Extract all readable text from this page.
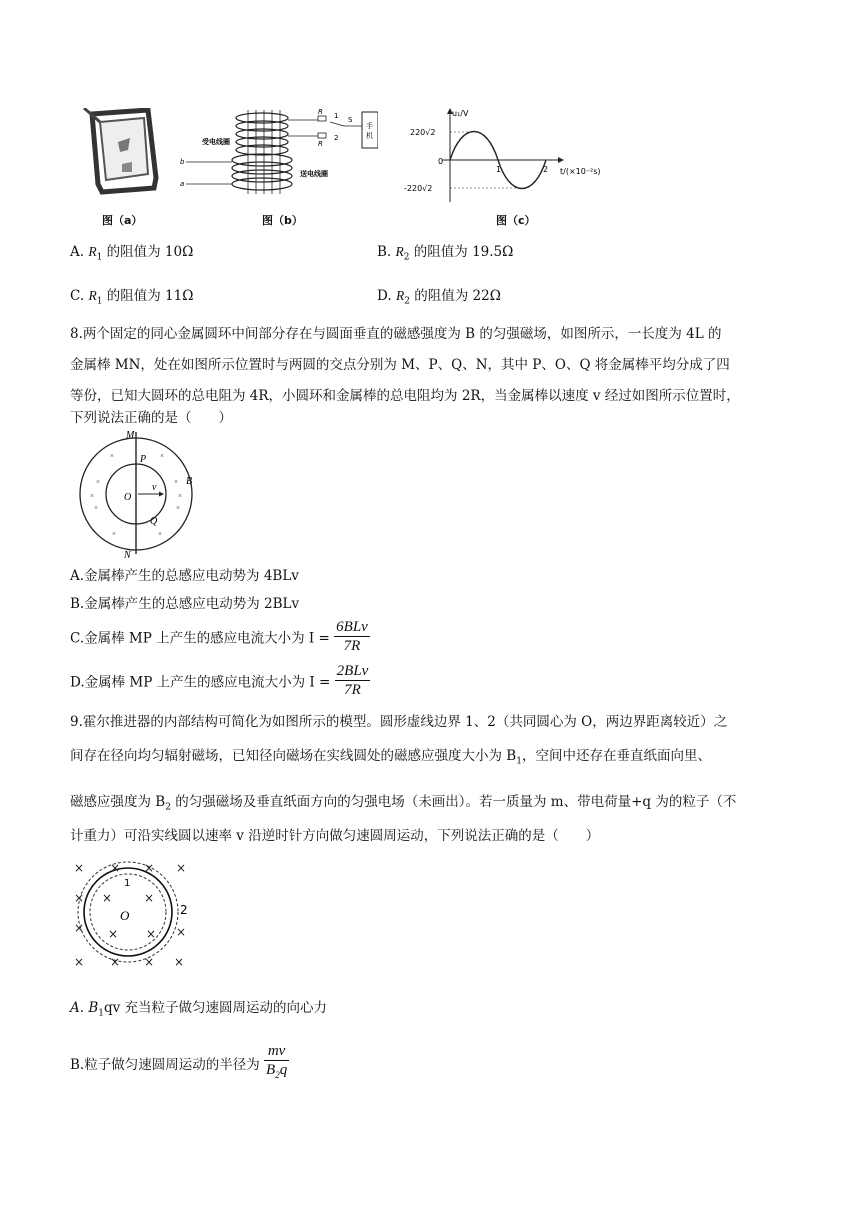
图（a）
手
机
R
R
1
2
S
受电线圈
送电线圈
b
a
图（b）
u₁/V
220√2
0
-220√2
1	2 t/(×10⁻²s)
图（c）
A. $R_1$ 的阻值为 10Ω	B. $R_2$ 的阻值为 19.5Ω
C. $R_1$ 的阻值为 11Ω	D. $R_2$ 的阻值为 22Ω
8.两个固定的同心金属圆环中间部分存在与圆面垂直的磁感强度为 B 的匀强磁场，如图所示，一长度为 4L 的
金属棒 MN，处在如图所示位置时与两圆的交点分别为 M、P、Q、N，其中 P、O、Q 将金属棒平均分成了四
等份，已知大圆环的总电阻为 4R，小圆环和金属棒的总电阻均为 2R，当金属棒以速度 v 经过如图所示位置时，
下列说法正确的是（　　）
M
N
P
Q
O
v
B
×	×
×	×
×	×
×	×
×	×
A.金属棒产生的总感应电动势为 4BLv
B.金属棒产生的总感应电动势为 2BLv
C.金属棒 MP 上产生的感应电流大小为 $I = \frac{\text{6BLv}}{7R}$
D.金属棒 MP 上产生的感应电流大小为 $I = \frac{\text{2BLv}}{7R}$
9.霍尔推进器的内部结构可简化为如图所示的模型。圆形虚线边界 1、2（共同圆心为 O，两边界距离较近）之
间存在径向均匀辐射磁场，已知径向磁场在实线圆处的磁感应强度大小为 $B_1$，空间中还存在垂直纸面向里、
磁感应强度为 $B_2$ 的匀强磁场及垂直纸面方向的匀强电场（未画出）。若一质量为 m、带电荷量+q 为的粒子（不
计重力）可沿实线圆以速率 v 沿逆时针方向做匀速圆周运动，下列说法正确的是（　　）
O
1
2
× × × ×
× ×	×
× × × ×
× × × ×
A. $B_1qv$ 充当粒子做匀速圆周运动的向心力
B.粒子做匀速圆周运动的半径为 $\frac{mv}{B_2q}$
